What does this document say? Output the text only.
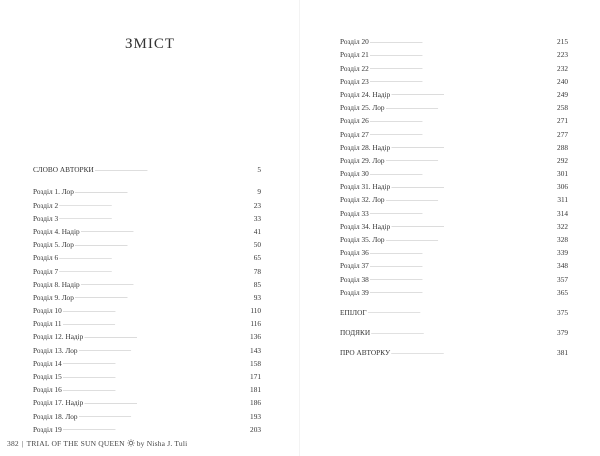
ЗМІСТ
СЛОВО АВТОРКИ . . .	5
Розділ 1. Лор . . .	9
Розділ 2 . . .	23
Розділ 3 . . .	33
Розділ 4. Надір . . .	41
Розділ 5. Лор . . .	50
Розділ 6 . . .	65
Розділ 7 . . .	78
Розділ 8. Надір . . .	85
Розділ 9. Лор . . .	93
Розділ 10 . . .	110
Розділ 11 . . .	116
Розділ 12. Надір . . .	136
Розділ 13. Лор . . .	143
Розділ 14 . . .	158
Розділ 15 . . .	171
Розділ 16 . . .	181
Розділ 17. Надір . . .	186
Розділ 18. Лор . . .	193
Розділ 19 . . .	203
382 | TRIAL OF THE SUN QUEEN by Nisha J. Tuli
Розділ 20 . . .	215
Розділ 21 . . .	223
Розділ 22 . . .	232
Розділ 23 . . .	240
Розділ 24. Надір . . .	249
Розділ 25. Лор . . .	258
Розділ 26 . . .	271
Розділ 27 . . .	277
Розділ 28. Надір . . .	288
Розділ 29. Лор . . .	292
Розділ 30 . . .	301
Розділ 31. Надір . . .	306
Розділ 32. Лор . . .	311
Розділ 33 . . .	314
Розділ 34. Надір . . .	322
Розділ 35. Лор . . .	328
Розділ 36 . . .	339
Розділ 37 . . .	348
Розділ 38 . . .	357
Розділ 39 . . .	365
ЕПІЛОГ . . .	375
ПОДЯКИ . . .	379
ПРО АВТОРКУ . . .	381
